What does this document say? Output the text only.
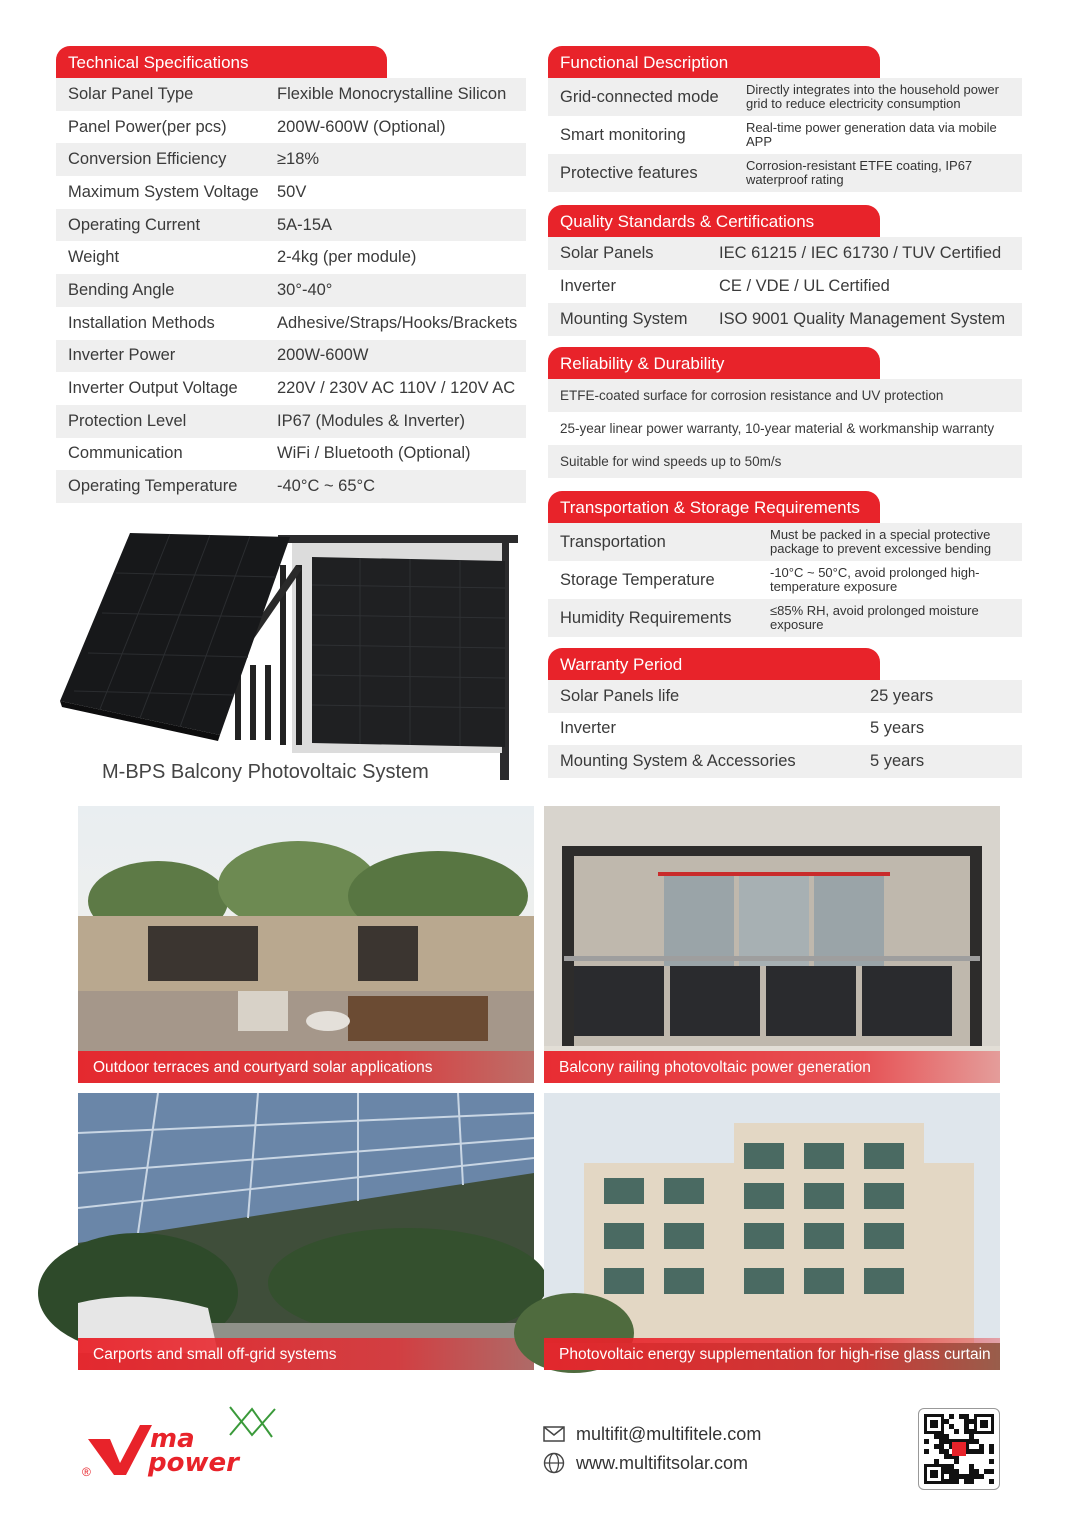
Technical Specifications
Solar Panel Type	Flexible Monocrystalline Silicon
Panel Power(per pcs)	200W-600W (Optional)
Conversion Efficiency	≥18%
Maximum System Voltage	50V
Operating Current	5A-15A
Weight	2-4kg (per module)
Bending Angle	30°-40°
Installation Methods	Adhesive/Straps/Hooks/Brackets
Inverter Power	200W-600W
Inverter Output Voltage	220V / 230V AC 110V / 120V AC
Protection Level	IP67 (Modules & Inverter)
Communication	WiFi / Bluetooth (Optional)
Operating Temperature	-40°C ~ 65°C
Functional Description
Grid-connected mode	Directly integrates into the household power grid to reduce electricity consumption
Smart monitoring	Real-time power generation data via mobile APP
Protective features	Corrosion-resistant ETFE coating, IP67 waterproof rating
Quality Standards & Certifications
Solar Panels	IEC 61215 / IEC 61730 / TUV Certified
Inverter	CE / VDE / UL Certified
Mounting System	ISO 9001 Quality Management System
Reliability & Durability
ETFE-coated surface for corrosion resistance and UV protection
25-year linear power warranty, 10-year material & workmanship warranty
Suitable for wind speeds up to 50m/s
Transportation & Storage Requirements
Transportation	Must be packed in a special protective package to prevent excessive bending
Storage Temperature	-10°C ~ 50°C, avoid prolonged high-temperature exposure
Humidity Requirements	≤85% RH, avoid prolonged moisture exposure
Warranty Period
Solar Panels life	25 years
Inverter	5 years
Mounting System & Accessories	5 years
M-BPS Balcony Photovoltaic System
Outdoor terraces and courtyard solar applications	Balcony railing photovoltaic power generation
Carports and small off-grid systems	Photovoltaic energy supplementation for high-rise glass curtain walls
ma
power
®
multifit@multifitele.com
www.multifitsolar.com
